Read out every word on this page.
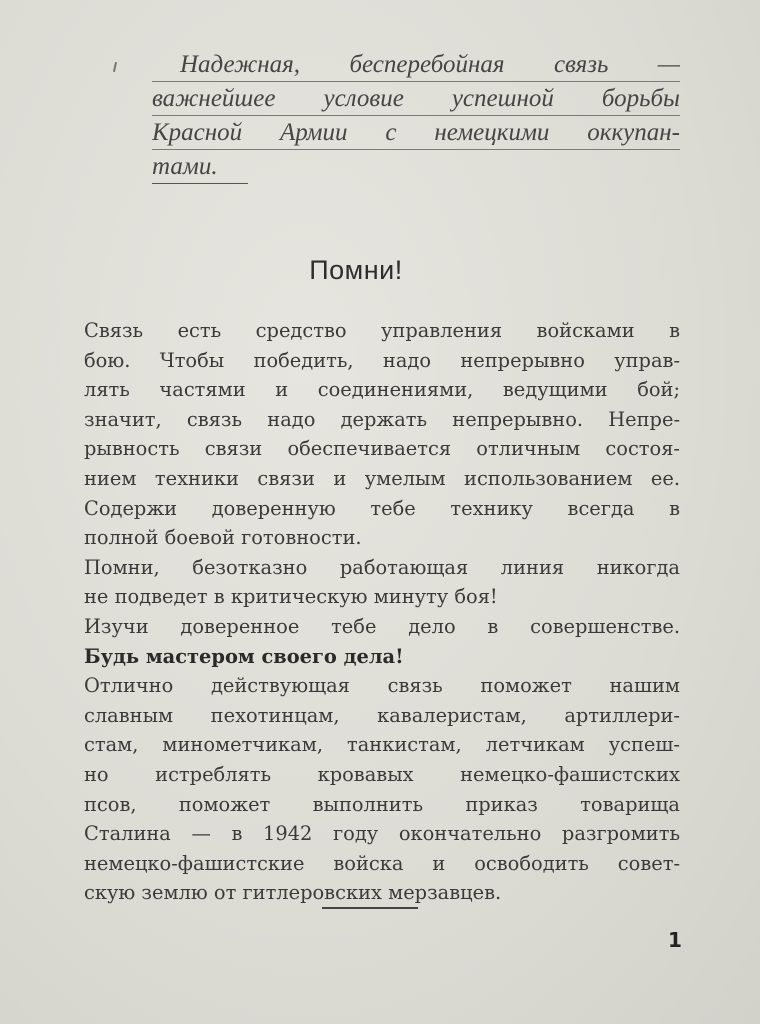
Надежная, бесперебойная связь —
важнейшее условие успешной борьбы
Красной Армии с немецкими оккупан-
тами.
Помни!
Связь есть средство управления войсками в
бою. Чтобы победить, надо непрерывно управ-
лять частями и соединениями, ведущими бой;
значит, связь надо держать непрерывно. Непре-
рывность связи обеспечивается отличным состоя-
нием техники связи и умелым использованием ее.
Содержи доверенную тебе технику всегда в
полной боевой готовности.
Помни, безотказно работающая линия никогда
не подведет в критическую минуту боя!
Изучи доверенное тебе дело в совершенстве.
Будь мастером своего дела!
Отлично действующая связь поможет нашим
славным пехотинцам, кавалеристам, артиллери-
стам, минометчикам, танкистам, летчикам успеш-
но истреблять кровавых немецко-фашистских
псов, поможет выполнить приказ товарища
Сталина — в 1942 году окончательно разгромить
немецко-фашистские войска и освободить совет-
скую землю от гитлеровских мерзавцев.
1
